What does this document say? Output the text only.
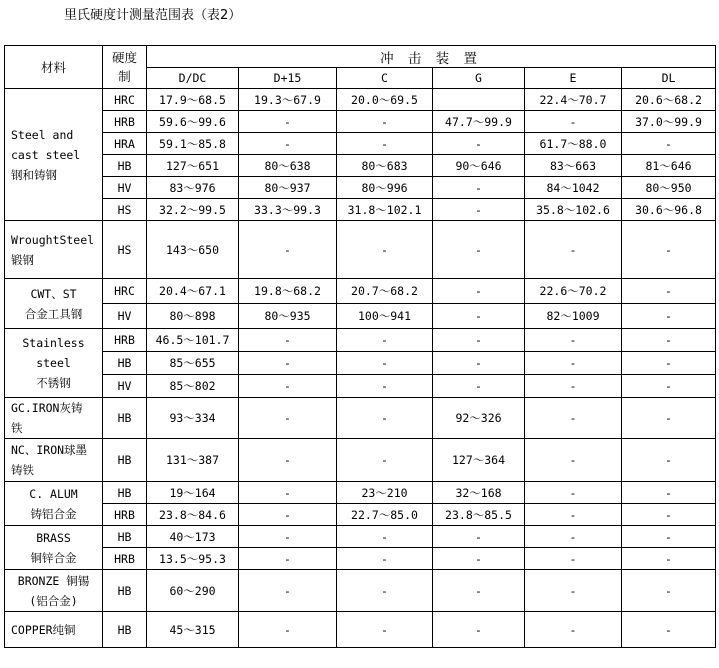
里氏硬度计测量范围表（表2）
材料	硬度
制	冲 击 装 置					
		D/DC	D+15	C	G	E	DL
Steel and
cast steel
钢和铸钢	HRC	17.9～68.5	19.3～67.9	20.0～69.5		22.4～70.7	20.6～68.2
	HRB	59.6～99.6	-	-	47.7～99.9	-	37.0～99.9
	HRA	59.1～85.8	-	-	-	61.7～88.0	-
	HB	127～651	80～638	80～683	90～646	83～663	81～646
	HV	83～976	80～937	80～996	-	84～1042	80～950
	HS	32.2～99.5	33.3～99.3	31.8～102.1	-	35.8～102.6	30.6～96.8
WroughtSteel
锻钢	HS	143～650	-	-	-	-	-
CWT、ST
合金工具钢	HRC	20.4～67.1	19.8～68.2	20.7～68.2	-	22.6～70.2	-
	HV	80～898	80～935	100～941	-	82～1009	-
Stainless
steel
不锈钢	HRB	46.5～101.7	-	-	-	-	-
	HB	85～655	-	-	-	-	-
	HV	85～802	-	-	-	-	-
GC.IRON灰铸
铁	HB	93～334	-	-	92～326	-	-
NC、IRON球墨
铸铁	HB	131～387	-	-	127～364	-	-
C. ALUM
铸铝合金	HB	19～164	-	23～210	32～168	-	-
	HRB	23.8～84.6	-	22.7～85.0	23.8～85.5	-	-
BRASS
铜锌合金	HB	40～173	-	-	-	-	-
	HRB	13.5～95.3	-	-	-	-	-
BRONZE 铜锡
(铝合金)	HB	60～290	-	-	-	-	-
COPPER纯铜	HB	45～315	-	-	-	-	-
